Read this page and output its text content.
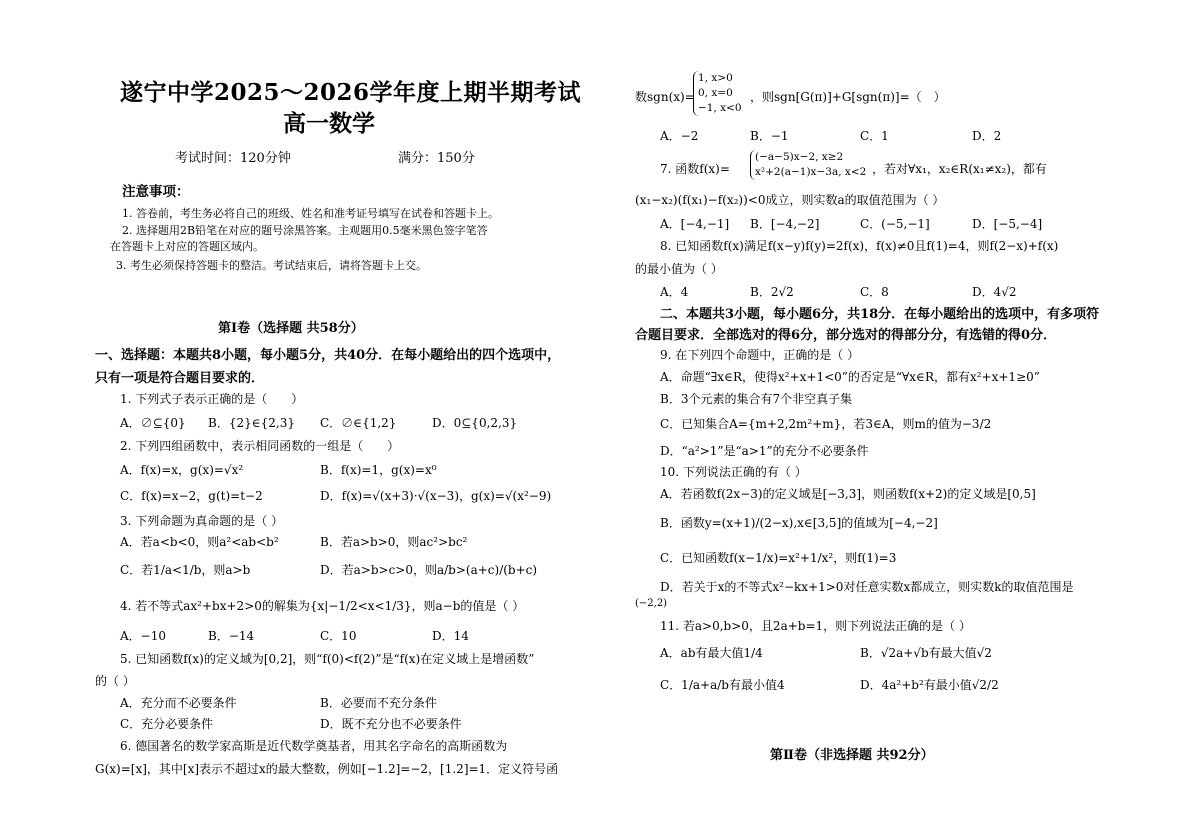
遂宁中学2025～2026学年度上期半期考试
高一数学
考试时间：120分钟	满分：150分
注意事项：
1. 答卷前，考生务必将自己的班级、姓名和准考证号填写在试卷和答题卡上。
2. 选择题用2B铅笔在对应的题号涂黑答案。主观题用0.5毫米黑色签字笔答
在答题卡上对应的答题区域内。
3. 考生必须保持答题卡的整洁。考试结束后，请将答题卡上交。
第Ⅰ卷（选择题 共58分）
一、选择题：本题共8小题，每小题5分，共40分．在每小题给出的四个选项中，
只有一项是符合题目要求的．
1. 下列式子表示正确的是（　　）
A．∅⊆{0} B．{2}∈{2,3} C．∅∈{1,2}	D．0⊆{0,2,3}
2. 下列四组函数中，表示相同函数的一组是（　　）
A．f(x)=x，g(x)=√x²	B．f(x)=1，g(x)=x⁰
C．f(x)=x−2，g(t)=t−2	D．f(x)=√(x+3)·√(x−3)，g(x)=√(x²−9)
3. 下列命题为真命题的是（ ）
A．若a<b<0，则a²<ab<b²	B．若a>b>0，则ac²>bc²
C．若1/a<1/b，则a>b	D．若a>b>c>0，则a/b>(a+c)/(b+c)
4. 若不等式ax²+bx+2>0的解集为{x|−1/2<x<1/3}，则a−b的值是（ ）
A．−10	B．−14	C．10	D．14
5. 已知函数f(x)的定义域为[0,2]，则“f(0)<f(2)”是“f(x)在定义域上是增函数”
的（ ）
A．充分而不必要条件	B．必要而不充分条件
C．充分必要条件	D．既不充分也不必要条件
6. 德国著名的数学家高斯是近代数学奠基者，用其名字命名的高斯函数为
G(x)=[x]，其中[x]表示不超过x的最大整数，例如[−1.2]=−2，[1.2]=1．定义符号函
数sgn(x)=
1, x>0
0, x=0
−1, x<0
，则sgn[G(π)]+G[sgn(π)]=（　）
A．−2	B．−1	C．1	D．2
7. 函数f(x)=
(−a−5)x−2, x≥2
x²+2(a−1)x−3a, x<2 ，若对∀x₁，x₂∈R(x₁≠x₂)，都有
(x₁−x₂)(f(x₁)−f(x₂))<0成立，则实数a的取值范围为（ ）
A．[−4,−1] B．[−4,−2]	C．(−5,−1]	D．[−5,−4]
8. 已知函数f(x)满足f(x−y)f(y)=2f(x)，f(x)≠0且f(1)=4，则f(2−x)+f(x)
的最小值为（ ）
A．4	B．2√2	C．8	D．4√2
二、本题共3小题，每小题6分，共18分．在每小题给出的选项中，有多项符
合题目要求．全部选对的得6分，部分选对的得部分分，有选错的得0分．
9. 在下列四个命题中，正确的是（ ）
A．命题“∃x∈R，使得x²+x+1<0”的否定是“∀x∈R，都有x²+x+1≥0”
B．3个元素的集合有7个非空真子集
C．已知集合A={m+2,2m²+m}，若3∈A，则m的值为−3/2
D．“a²>1”是“a>1”的充分不必要条件
10. 下列说法正确的有（ ）
A．若函数f(2x−3)的定义域是[−3,3]，则函数f(x+2)的定义域是[0,5]
B．函数y=(x+1)/(2−x),x∈[3,5]的值域为[−4,−2]
C．已知函数f(x−1/x)=x²+1/x²，则f(1)=3
D．若关于x的不等式x²−kx+1>0对任意实数x都成立，则实数k的取值范围是
(−2,2)
11. 若a>0,b>0，且2a+b=1，则下列说法正确的是（ ）
A．ab有最大值1/4	B．√2a+√b有最大值√2
C．1/a+a/b有最小值4	D．4a²+b²有最小值√2/2
第Ⅱ卷（非选择题 共92分）
